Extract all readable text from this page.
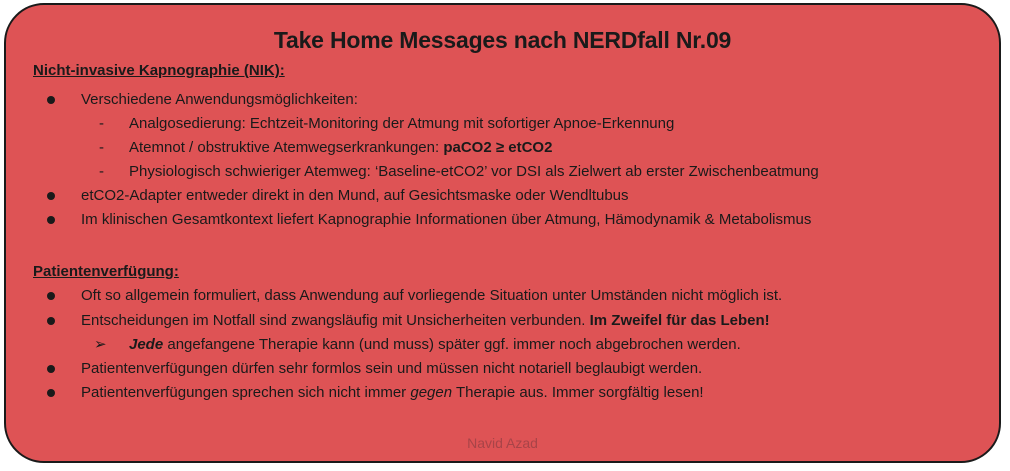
Take Home Messages nach NERDfall Nr.09
Nicht-invasive Kapnographie (NIK):
Verschiedene Anwendungsmöglichkeiten:
- Analgosedierung: Echtzeit-Monitoring der Atmung mit sofortiger Apnoe-Erkennung
- Atemnot / obstruktive Atemwegserkrankungen: paCO2 ≥ etCO2
- Physiologisch schwieriger Atemweg: ‘Baseline-etCO2’ vor DSI als Zielwert ab erster Zwischenbeatmung
etCO2-Adapter entweder direkt in den Mund, auf Gesichtsmaske oder Wendltubus
Im klinischen Gesamtkontext liefert Kapnographie Informationen über Atmung, Hämodynamik & Metabolismus
Patientenverfügung:
Oft so allgemein formuliert, dass Anwendung auf vorliegende Situation unter Umständen nicht möglich ist.
Entscheidungen im Notfall sind zwangsläufig mit Unsicherheiten verbunden. Im Zweifel für das Leben!
➢ Jede angefangene Therapie kann (und muss) später ggf. immer noch abgebrochen werden.
Patientenverfügungen dürfen sehr formlos sein und müssen nicht notariell beglaubigt werden.
Patientenverfügungen sprechen sich nicht immer gegen Therapie aus. Immer sorgfältig lesen!
Navid Azad
